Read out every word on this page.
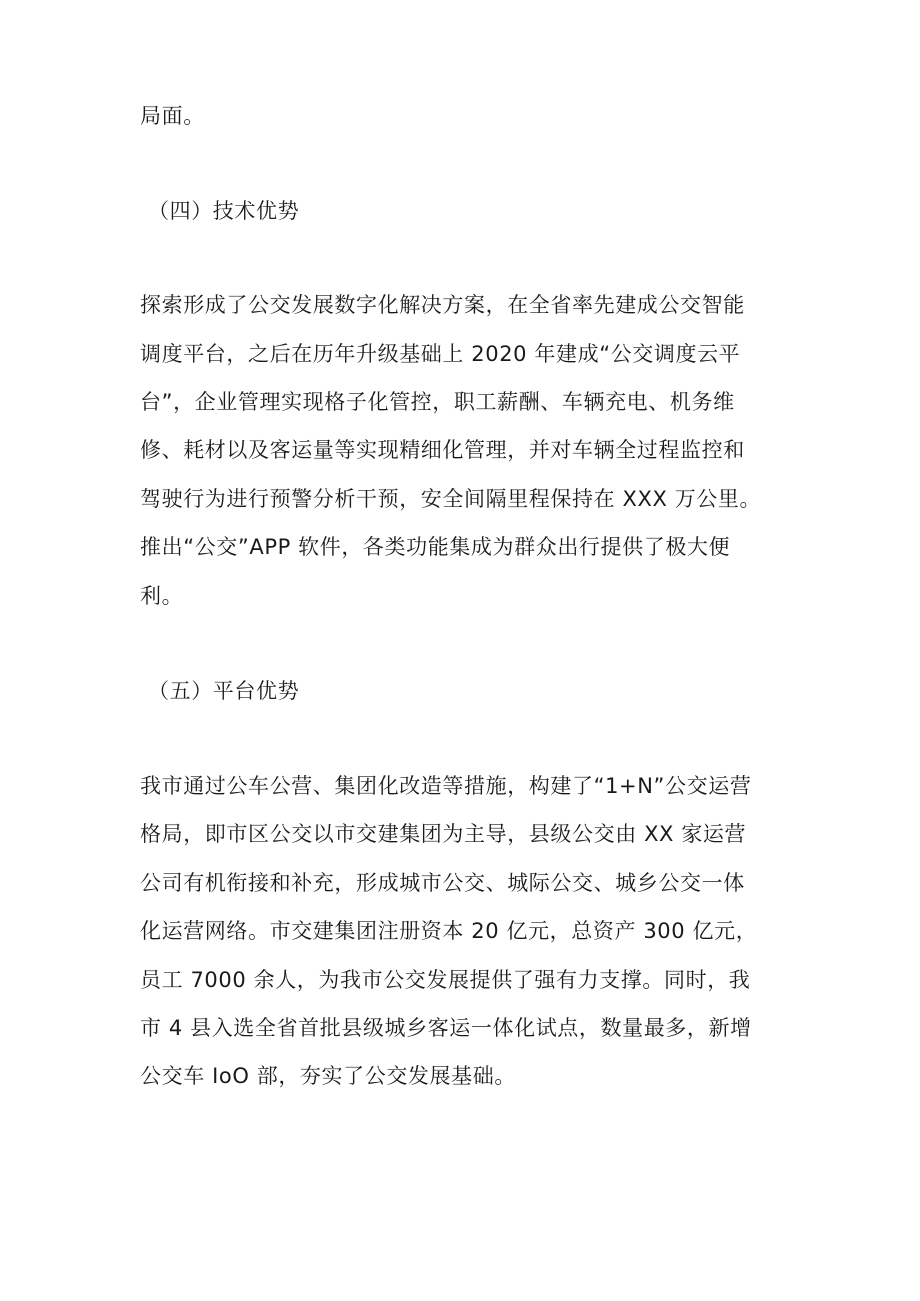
局面。
（四）技术优势
探索形成了公交发展数字化解决方案，在全省率先建成公交智能
调度平台，之后在历年升级基础上 2020 年建成“公交调度云平
台”，企业管理实现格子化管控，职工薪酬、车辆充电、机务维
修、耗材以及客运量等实现精细化管理，并对车辆全过程监控和
驾驶行为进行预警分析干预，安全间隔里程保持在 XXX 万公里。
推出“公交”APP 软件，各类功能集成为群众出行提供了极大便
利。
（五）平台优势
我市通过公车公营、集团化改造等措施，构建了“1+N”公交运营
格局，即市区公交以市交建集团为主导，县级公交由 XX 家运营
公司有机衔接和补充，形成城市公交、城际公交、城乡公交一体
化运营网络。市交建集团注册资本 20 亿元，总资产 300 亿元，
员工 7000 余人，为我市公交发展提供了强有力支撑。同时，我
市 4 县入选全省首批县级城乡客运一体化试点，数量最多，新增
公交车 IoO 部，夯实了公交发展基础。
